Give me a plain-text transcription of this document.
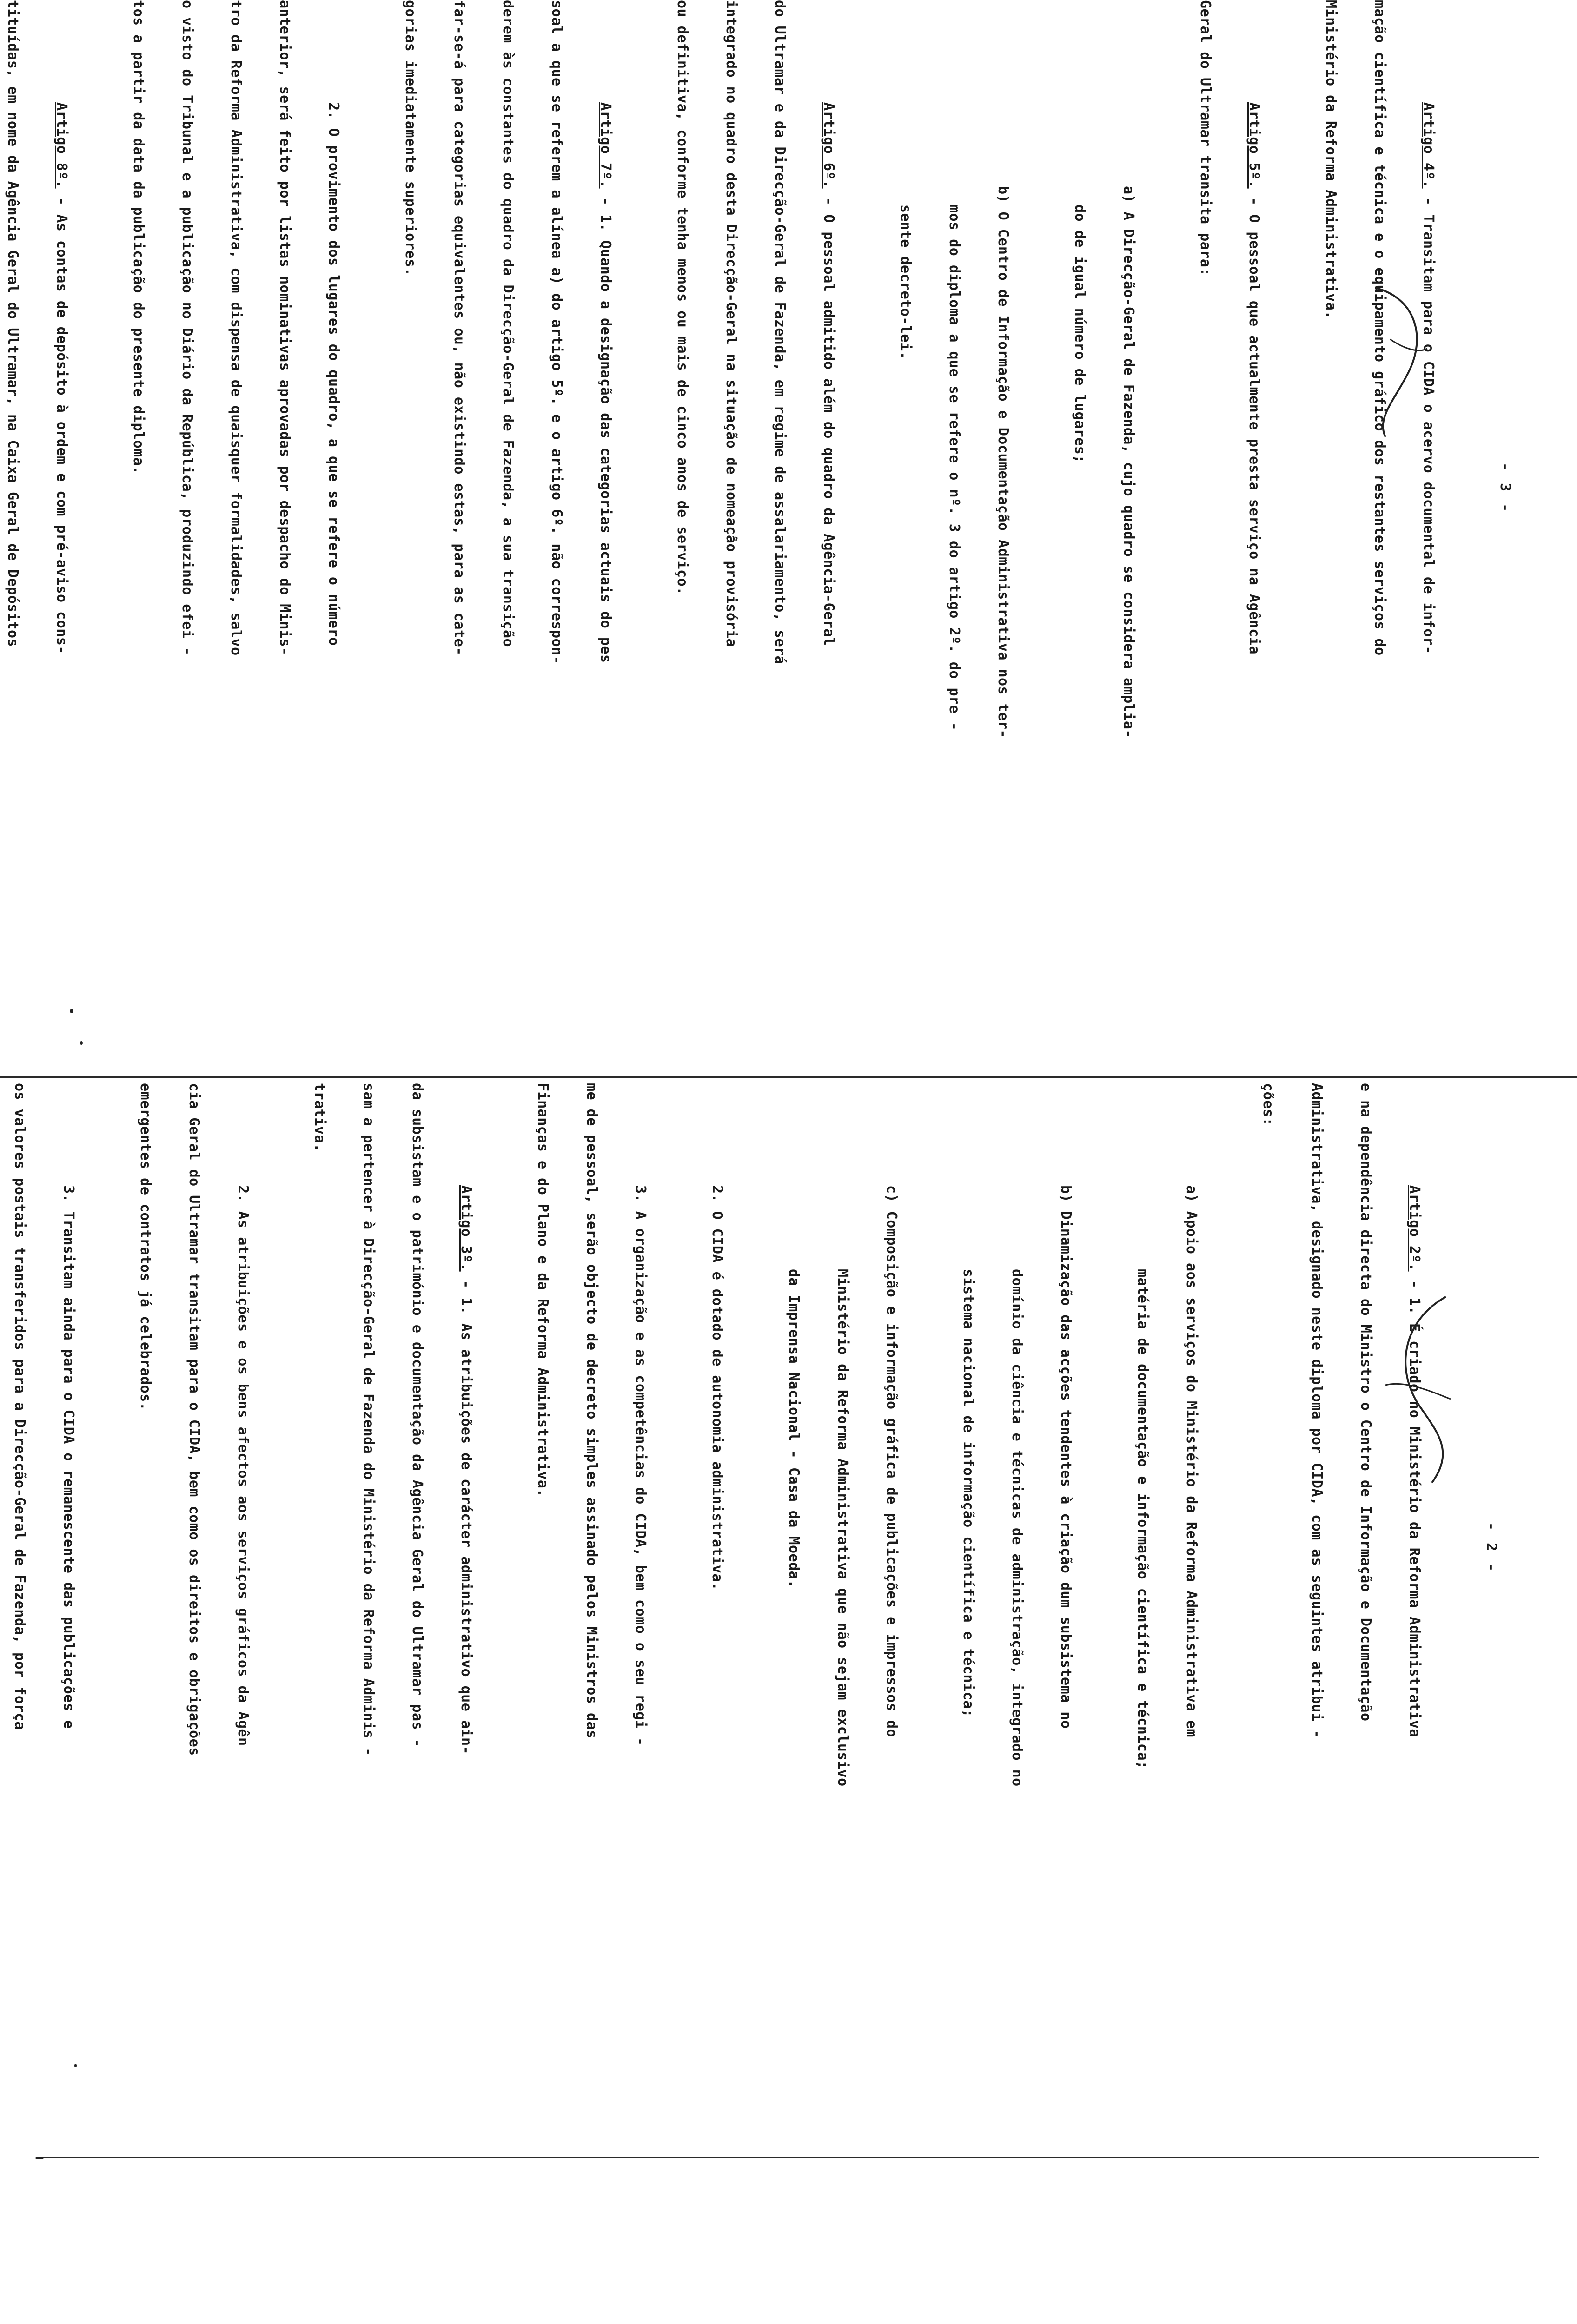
- 3 -
Artigo 4º. - Transitam para o CIDA o acervo documental de infor-
mação científica e técnica e o equipamento gráfico dos restantes serviços do
Ministério da Reforma Administrativa.
Artigo 5º. - O pessoal que actualmente presta serviço na Agência
Geral do Ultramar transita para:
a) A Direcção-Geral de Fazenda, cujo quadro se considera amplia-
do de igual número de lugares;
b) O Centro de Informação e Documentação Administrativa nos ter-
mos do diploma a que se refere o nº. 3 do artigo 2º. do pre -
sente decreto-lei.
Artigo 6º. - O pessoal admitido além do quadro da Agência-Geral
do Ultramar e da Direcção-Geral de Fazenda, em regime de assalariamento, será
integrado no quadro desta Direcção-Geral na situação de nomeação provisória
ou definitiva, conforme tenha menos ou mais de cinco anos de serviço.
Artigo 7º. - 1. Quando a designação das categorias actuais do pes
soal a que se referem a alínea a) do artigo 5º. e o artigo 6º. não correspon-
derem às constantes do quadro da Direcção-Geral de Fazenda, a sua transição
far-se-á para categorias equivalentes ou, não existindo estas, para as cate-
gorias imediatamente superiores.
2. O provimento dos lugares do quadro, a que se refere o número
anterior, será feito por listas nominativas aprovadas por despacho do Minis-
tro da Reforma Administrativa, com dispensa de quaisquer formalidades, salvo
o visto do Tribunal e a publicação no Diário da República, produzindo efei -
tos a partir da data da publicação do presente diploma.
Artigo 8º. - As contas de depósito à ordem e com pré-aviso cons-
tituídas, em nome da Agência Geral do Ultramar, na Caixa Geral de Depósitos
- 2 -
Artigo 2º. - 1. É criado no Ministério da Reforma Administrativa
e na dependência directa do Ministro o Centro de Informação e Documentação
Administrativa, designado neste diploma por CIDA, com as seguintes atribui -
ções:
a) Apoio aos serviços do Ministério da Reforma Administrativa em
matéria de documentação e informação científica e técnica;
b) Dinamização das acções tendentes à criação dum subsistema no
domínio da ciência e técnicas de administração, integrado no
sistema nacional de informação científica e técnica;
c) Composição e informação gráfica de publicações e impressos do
Ministério da Reforma Administrativa que não sejam exclusivo
da Imprensa Nacional - Casa da Moeda.
2. O CIDA é dotado de autonomia administrativa.
3. A organização e as competências do CIDA, bem como o seu regi -
me de pessoal, serão objecto de decreto simples assinado pelos Ministros das
Finanças e do Plano e da Reforma Administrativa.
Artigo 3º. - 1. As atribuições de carácter administrativo que ain-
da subsistam e o património e documentação da Agência Geral do Ultramar pas -
sam a pertencer à Direcção-Geral de Fazenda do Ministério da Reforma Adminis -
trativa.
2. As atribuições e os bens afectos aos serviços gráficos da Agên
cia Geral do Ultramar transitam para o CIDA, bem como os direitos e obrigações
emergentes de contratos já celebrados.
3. Transitam ainda para o CIDA o remanescente das publicações e
os valores postais transferidos para a Direcção-Geral de Fazenda, por força
